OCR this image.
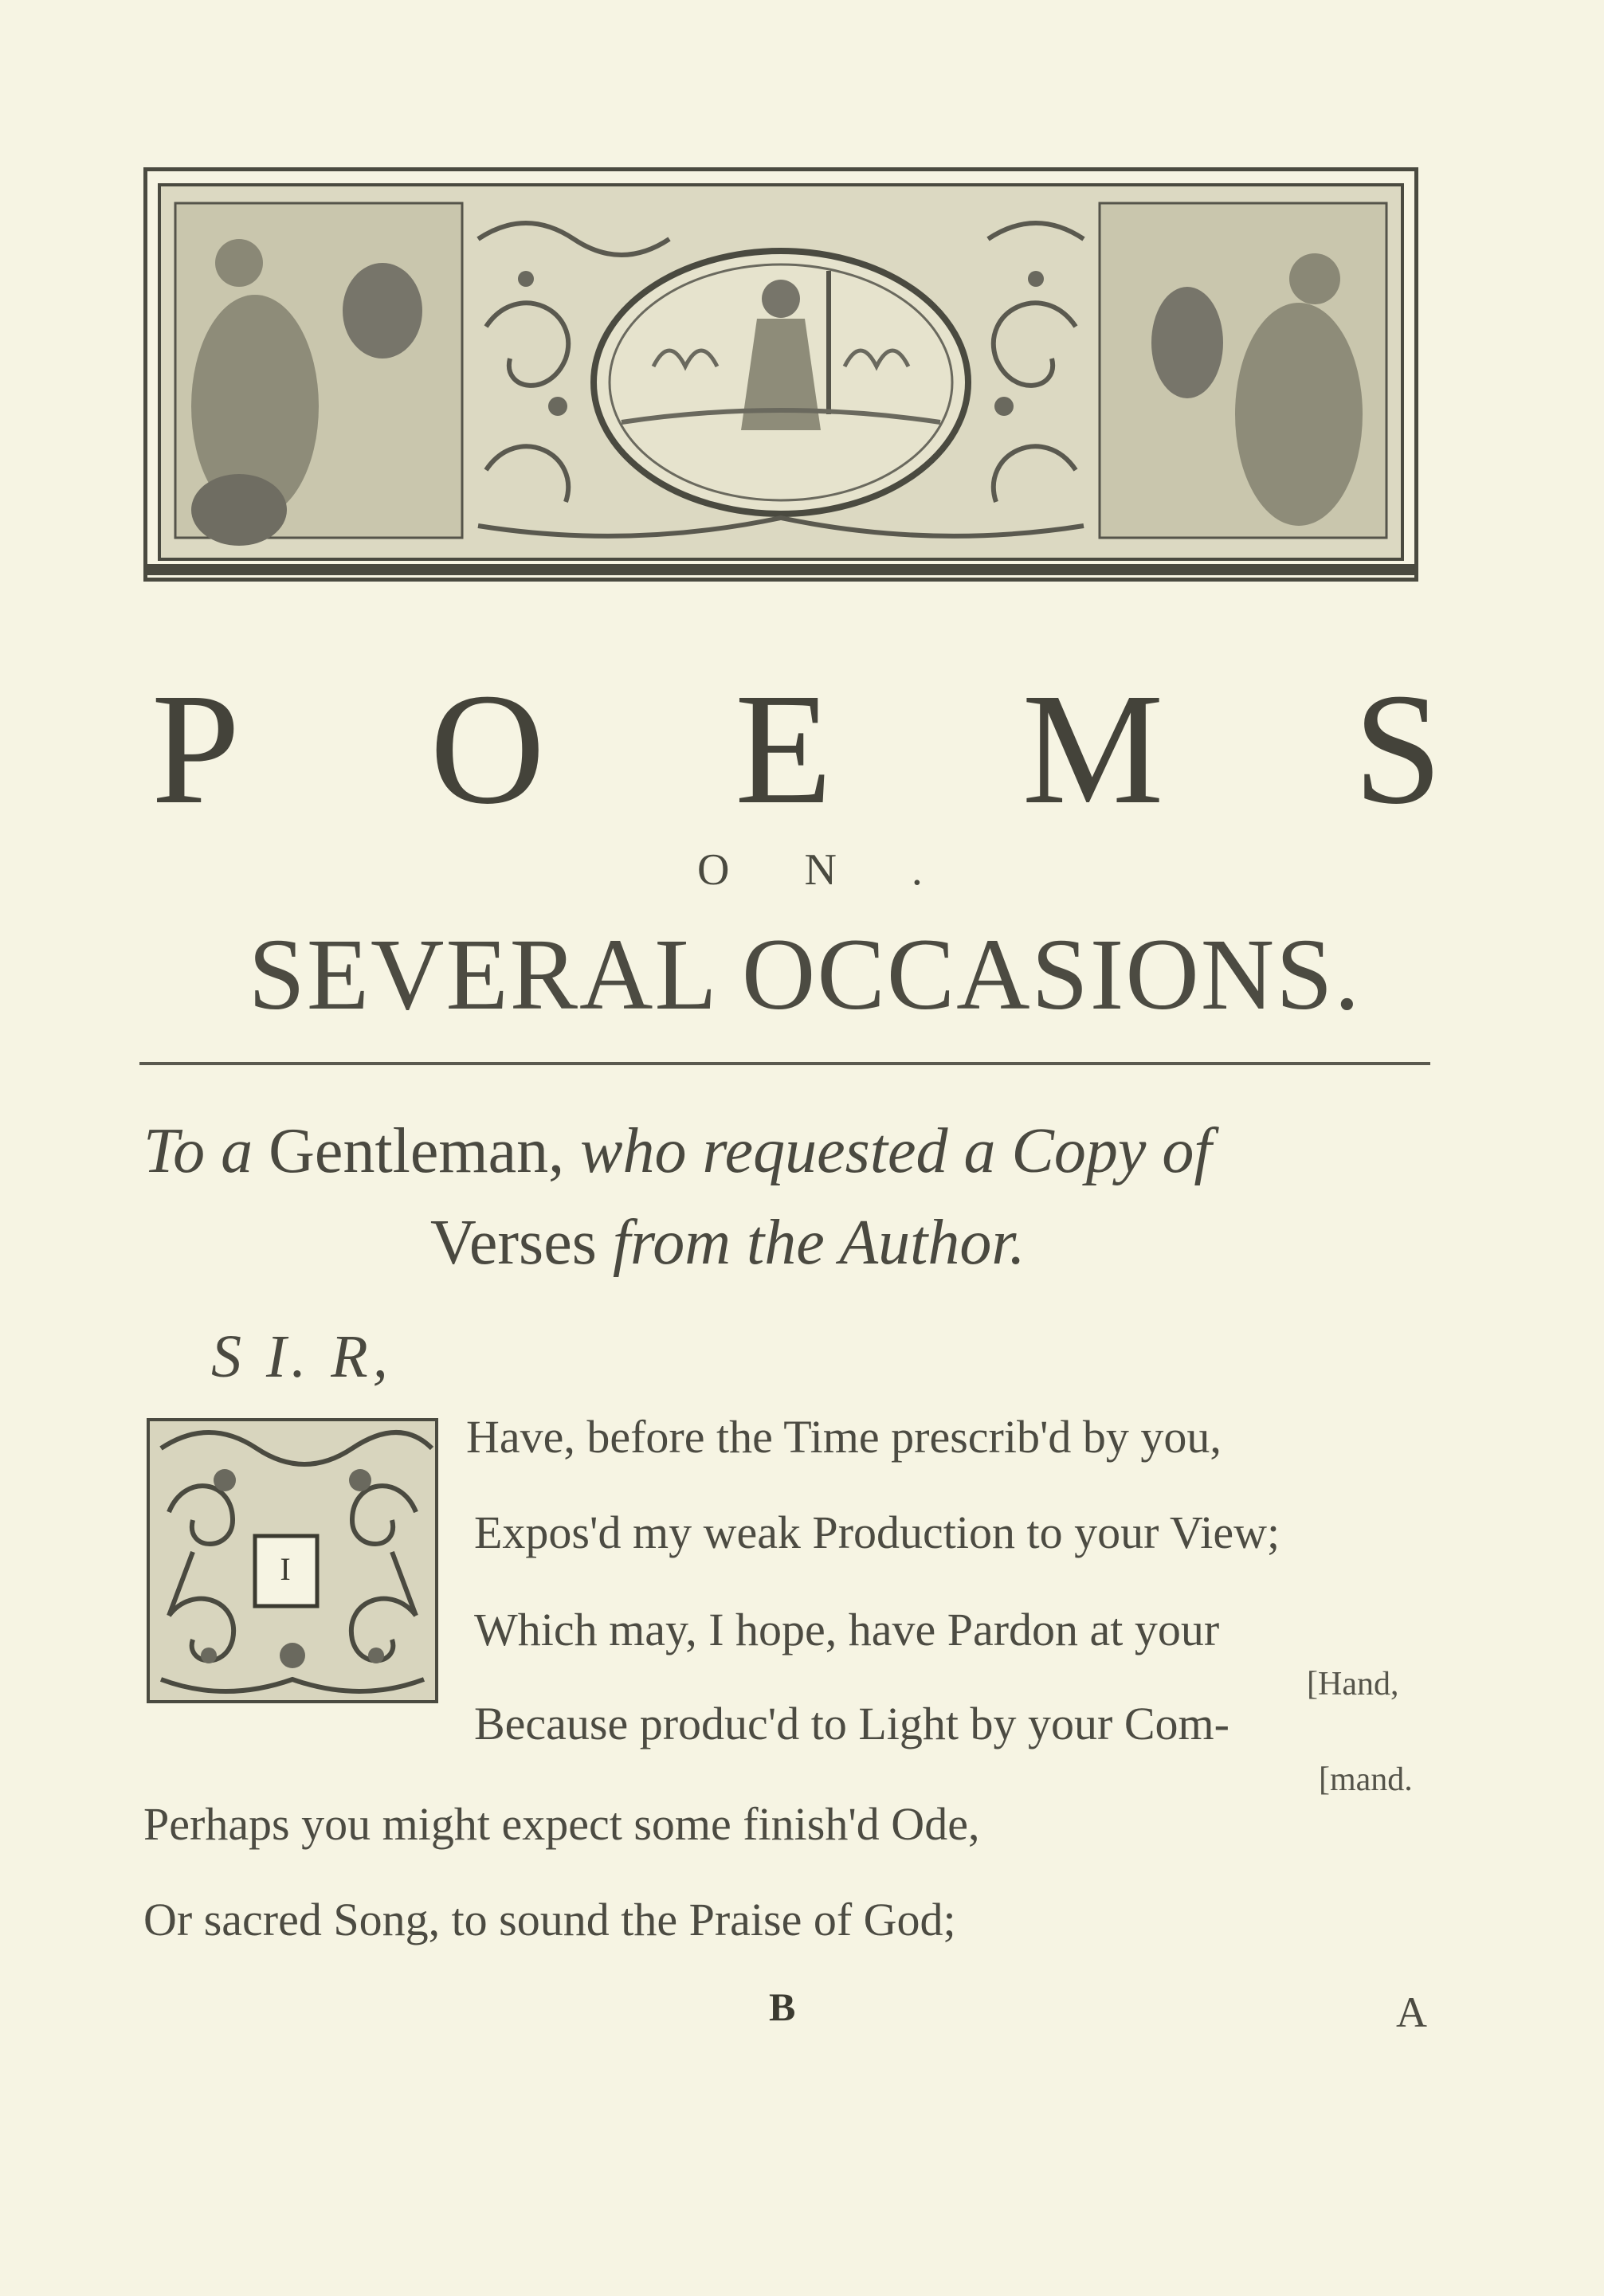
P O E M S
O N .
SEVERAL OCCASIONS.
To a Gentleman, who requested a Copy of
Verses from the Author.
S I. R,
I
Have, before the Time prescrib'd by you,
Expos'd my weak Production to your View;
Which may, I hope, have Pardon at your
[Hand,
Because produc'd to Light by your Com-
[mand.
Perhaps you might expect some finish'd Ode,
Or sacred Song, to sound the Praise of God;
B	A
